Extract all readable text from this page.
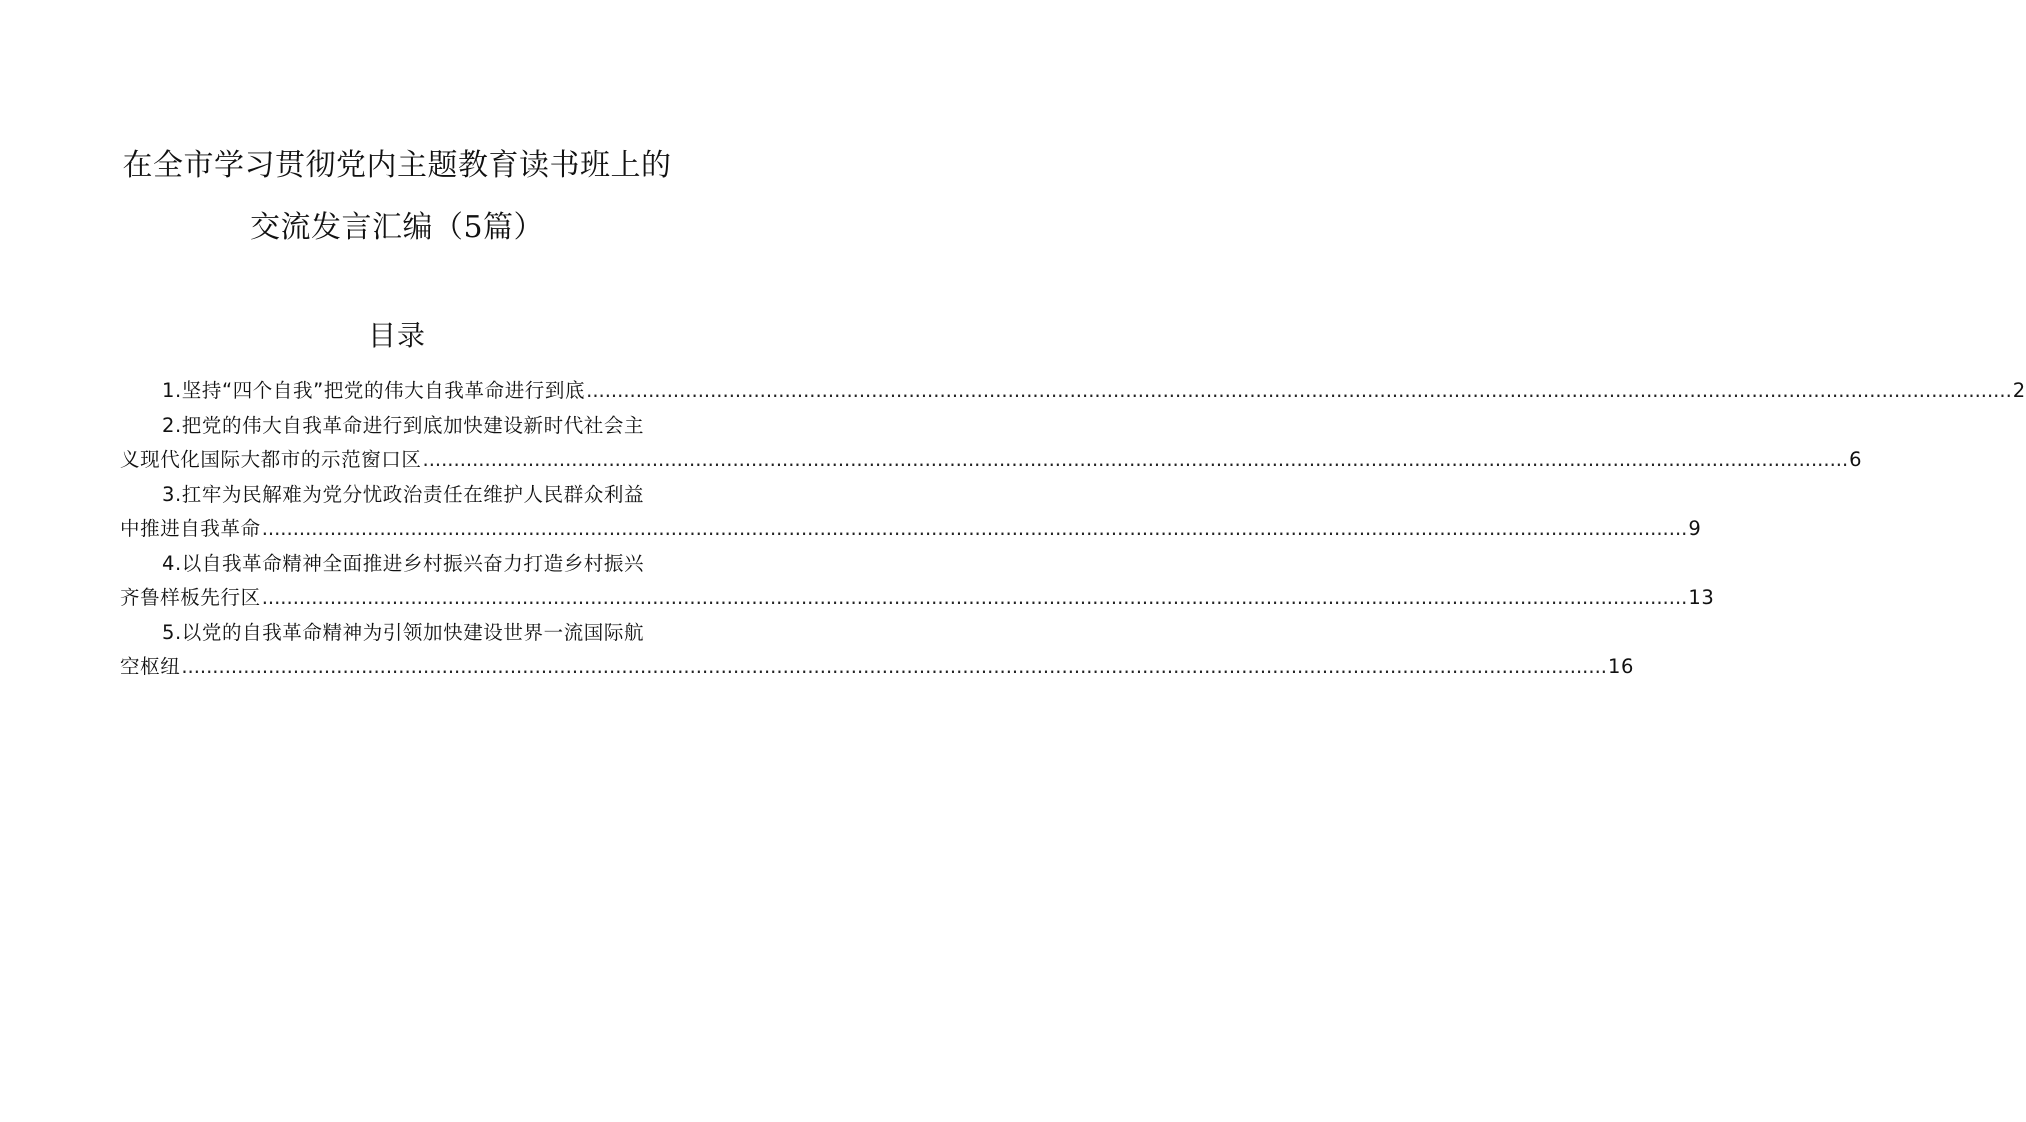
在全市学习贯彻党内主题教育读书班上的
交流发言汇编（5篇）
目录
1.坚持“四个自我”把党的伟大自我革命进行到底 .....	2
2.把党的伟大自我革命进行到底加快建设新时代社会主
义现代化国际大都市的示范窗口区 .....	6
3.扛牢为民解难为党分忧政治责任在维护人民群众利益
中推进自我革命 .....	9
4.以自我革命精神全面推进乡村振兴奋力打造乡村振兴
齐鲁样板先行区 .....	13
5.以党的自我革命精神为引领加快建设世界一流国际航
空枢纽 .....	16
